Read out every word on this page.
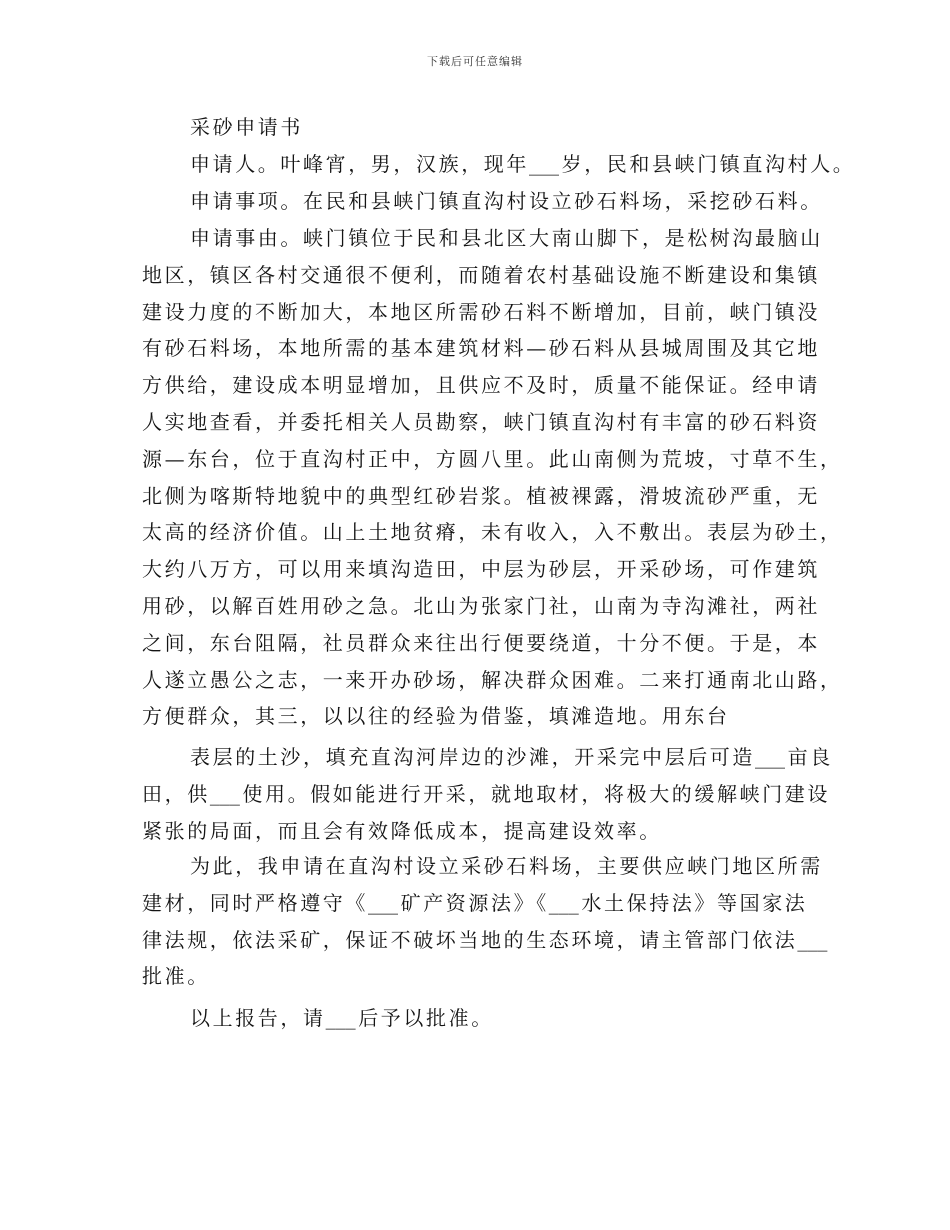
下载后可任意编辑
采砂申请书
申请人。叶峰宵，男，汉族，现年___ 岁，民和县峡门镇直沟村人。
申请事项。在民和县峡门镇直沟村设立砂石料场，采挖砂石料。
申请事由。峡门镇位于民和县北区大南山脚下，是松树沟最脑山
地区，镇区各村交通很不便利，而随着农村基础设施不断建设和集镇
建设力度的不断加大，本地区所需砂石料不断增加，目前，峡门镇没
有砂石料场，本地所需的基本建筑材料—砂石料从县城周围及其它地
方供给，建设成本明显增加，且供应不及时，质量不能保证。经申请
人实地查看，并委托相关人员勘察，峡门镇直沟村有丰富的砂石料资
源—东台，位于直沟村正中，方圆八里。此山南侧为荒坡，寸草不生，
北侧为喀斯特地貌中的典型红砂岩浆。植被裸露，滑坡流砂严重，无
太高的经济价值。山上土地贫瘠，未有收入，入不敷出。表层为砂土，
大约八万方，可以用来填沟造田，中层为砂层，开采砂场，可作建筑
用砂，以解百姓用砂之急。北山为张家门社，山南为寺沟滩社，两社
之间，东台阻隔，社员群众来往出行便要绕道，十分不便。于是，本
人遂立愚公之志，一来开办砂场，解决群众困难。二来打通南北山路，
方便群众，其三，以以往的经验为借鉴，填滩造地。用东台
表层的土沙，填充直沟河岸边的沙滩，开采完中层后可造___ 亩良
田，供___ 使用。假如能进行开采，就地取材，将极大的缓解峡门建设
紧张的局面，而且会有效降低成本，提高建设效率。
为此，我申请在直沟村设立采砂石料场，主要供应峡门地区所需
建材，同时严格遵守《___ 矿产资源法》《___ 水土保持法》等国家法
律法规，依法采矿，保证不破坏当地的生态环境，请主管部门依法___
批准。
以上报告，请___ 后予以批准。
